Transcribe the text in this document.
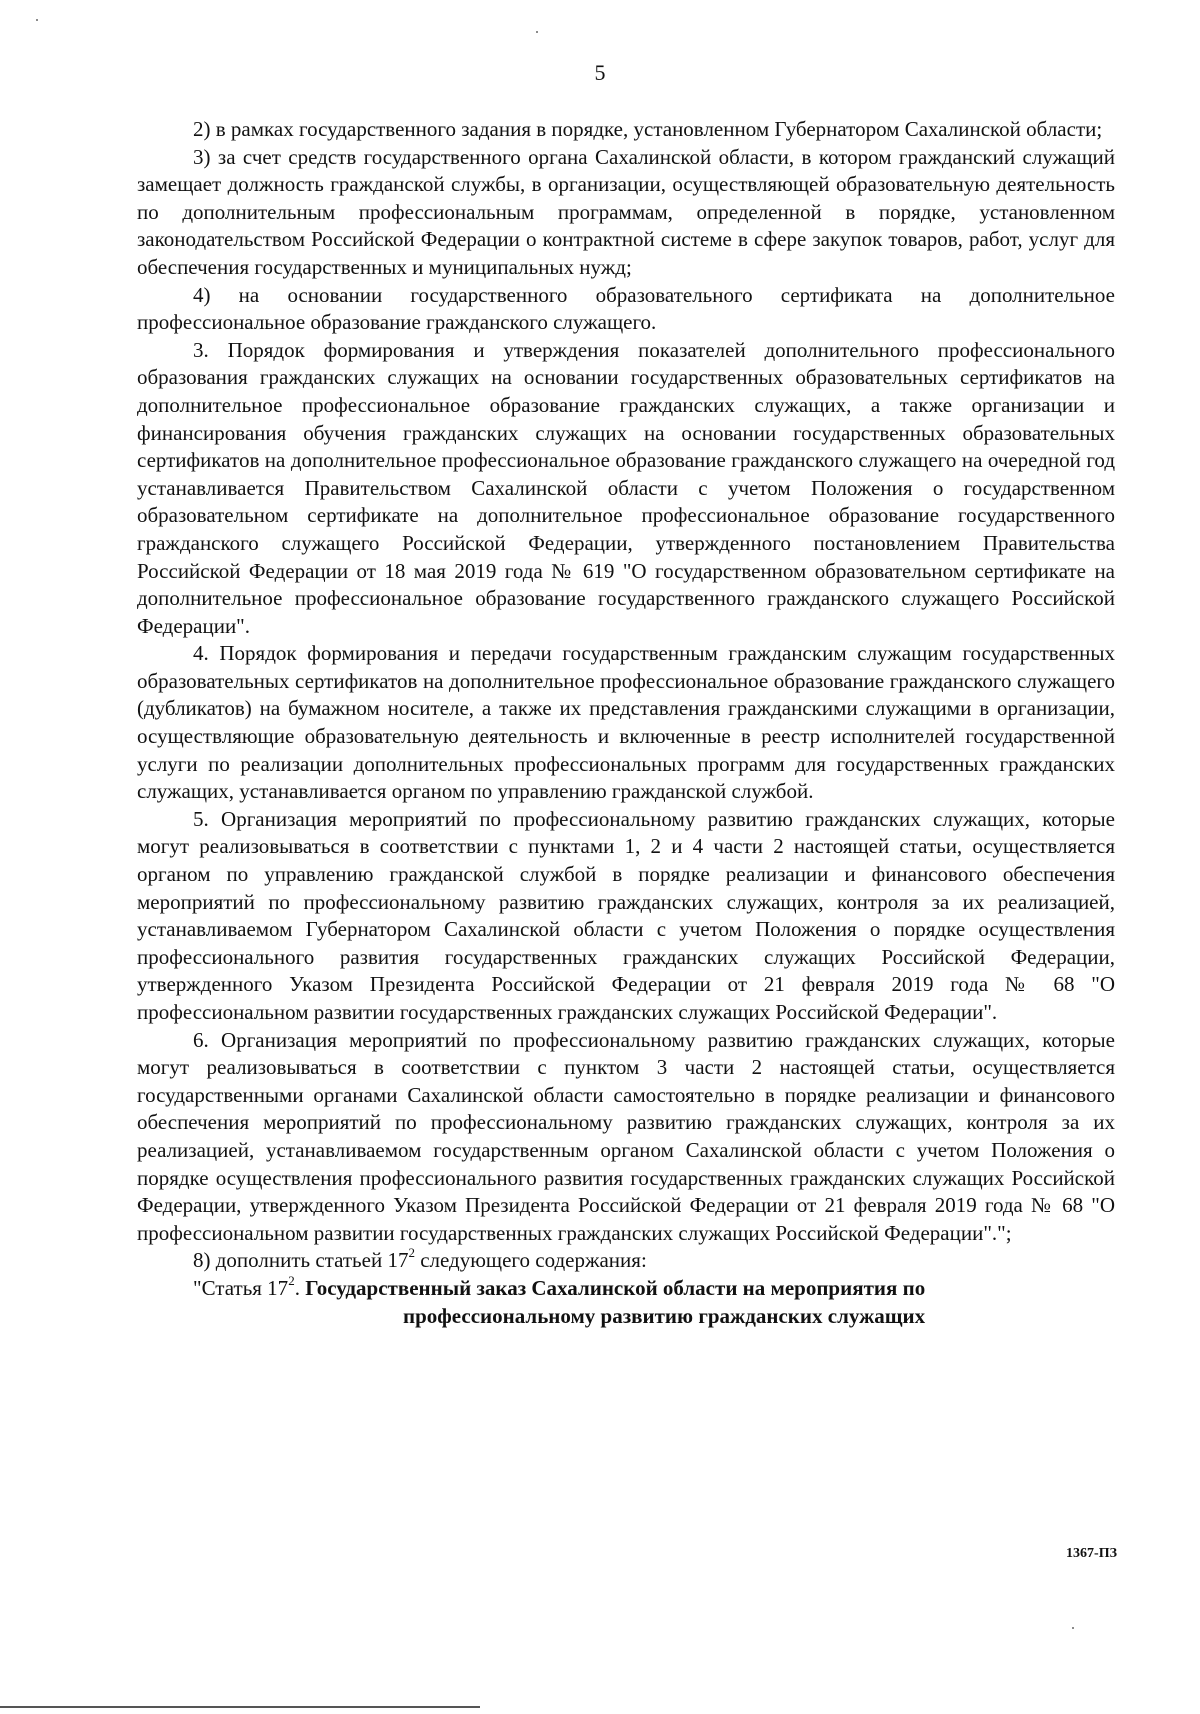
5

2) в рамках государственного задания в порядке, установленном Губернатором Сахалинской области;

3) за счет средств государственного органа Сахалинской области, в котором гражданский служащий замещает должность гражданской службы, в организации, осуществляющей образовательную деятельность по дополнительным профессиональным программам, определенной в порядке, установленном законодательством Российской Федерации о контрактной системе в сфере закупок товаров, работ, услуг для обеспечения государственных и муниципальных нужд;

4) на основании государственного образовательного сертификата на дополнительное профессиональное образование гражданского служащего.

3. Порядок формирования и утверждения показателей дополнительного профессионального образования гражданских служащих на основании государственных образовательных сертификатов на дополнительное профессиональное образование гражданских служащих, а также организации и финансирования обучения гражданских служащих на основании государственных образовательных сертификатов на дополнительное профессиональное образование гражданского служащего на очередной год устанавливается Правительством Сахалинской области с учетом Положения о государственном образовательном сертификате на дополнительное профессиональное образование государственного гражданского служащего Российской Федерации, утвержденного постановлением Правительства Российской Федерации от 18 мая 2019 года № 619 "О государственном образовательном сертификате на дополнительное профессиональное образование государственного гражданского служащего Российской Федерации".

4. Порядок формирования и передачи государственным гражданским служащим государственных образовательных сертификатов на дополнительное профессиональное образование гражданского служащего (дубликатов) на бумажном носителе, а также их представления гражданскими служащими в организации, осуществляющие образовательную деятельность и включенные в реестр исполнителей государственной услуги по реализации дополнительных профессиональных программ для государственных гражданских служащих, устанавливается органом по управлению гражданской службой.

5. Организация мероприятий по профессиональному развитию гражданских служащих, которые могут реализовываться в соответствии с пунктами 1, 2 и 4 части 2 настоящей статьи, осуществляется органом по управлению гражданской службой в порядке реализации и финансового обеспечения мероприятий по профессиональному развитию гражданских служащих, контроля за их реализацией, устанавливаемом Губернатором Сахалинской области с учетом Положения о порядке осуществления профессионального развития государственных гражданских служащих Российской Федерации, утвержденного Указом Президента Российской Федерации от 21 февраля 2019 года № 68 "О профессиональном развитии государственных гражданских служащих Российской Федерации".

6. Организация мероприятий по профессиональному развитию гражданских служащих, которые могут реализовываться в соответствии с пунктом 3 части 2 настоящей статьи, осуществляется государственными органами Сахалинской области самостоятельно в порядке реализации и финансового обеспечения мероприятий по профессиональному развитию гражданских служащих, контроля за их реализацией, устанавливаемом государственным органом Сахалинской области с учетом Положения о порядке осуществления профессионального развития государственных гражданских служащих Российской Федерации, утвержденного Указом Президента Российской Федерации от 21 февраля 2019 года № 68 "О профессиональном развитии государственных гражданских служащих Российской Федерации".";

8) дополнить статьей $17^2$ следующего содержания:

"Статья $17^2$. Государственный заказ Сахалинской области на мероприятия по

профессиональному развитию гражданских служащих

1367-ПЗ
